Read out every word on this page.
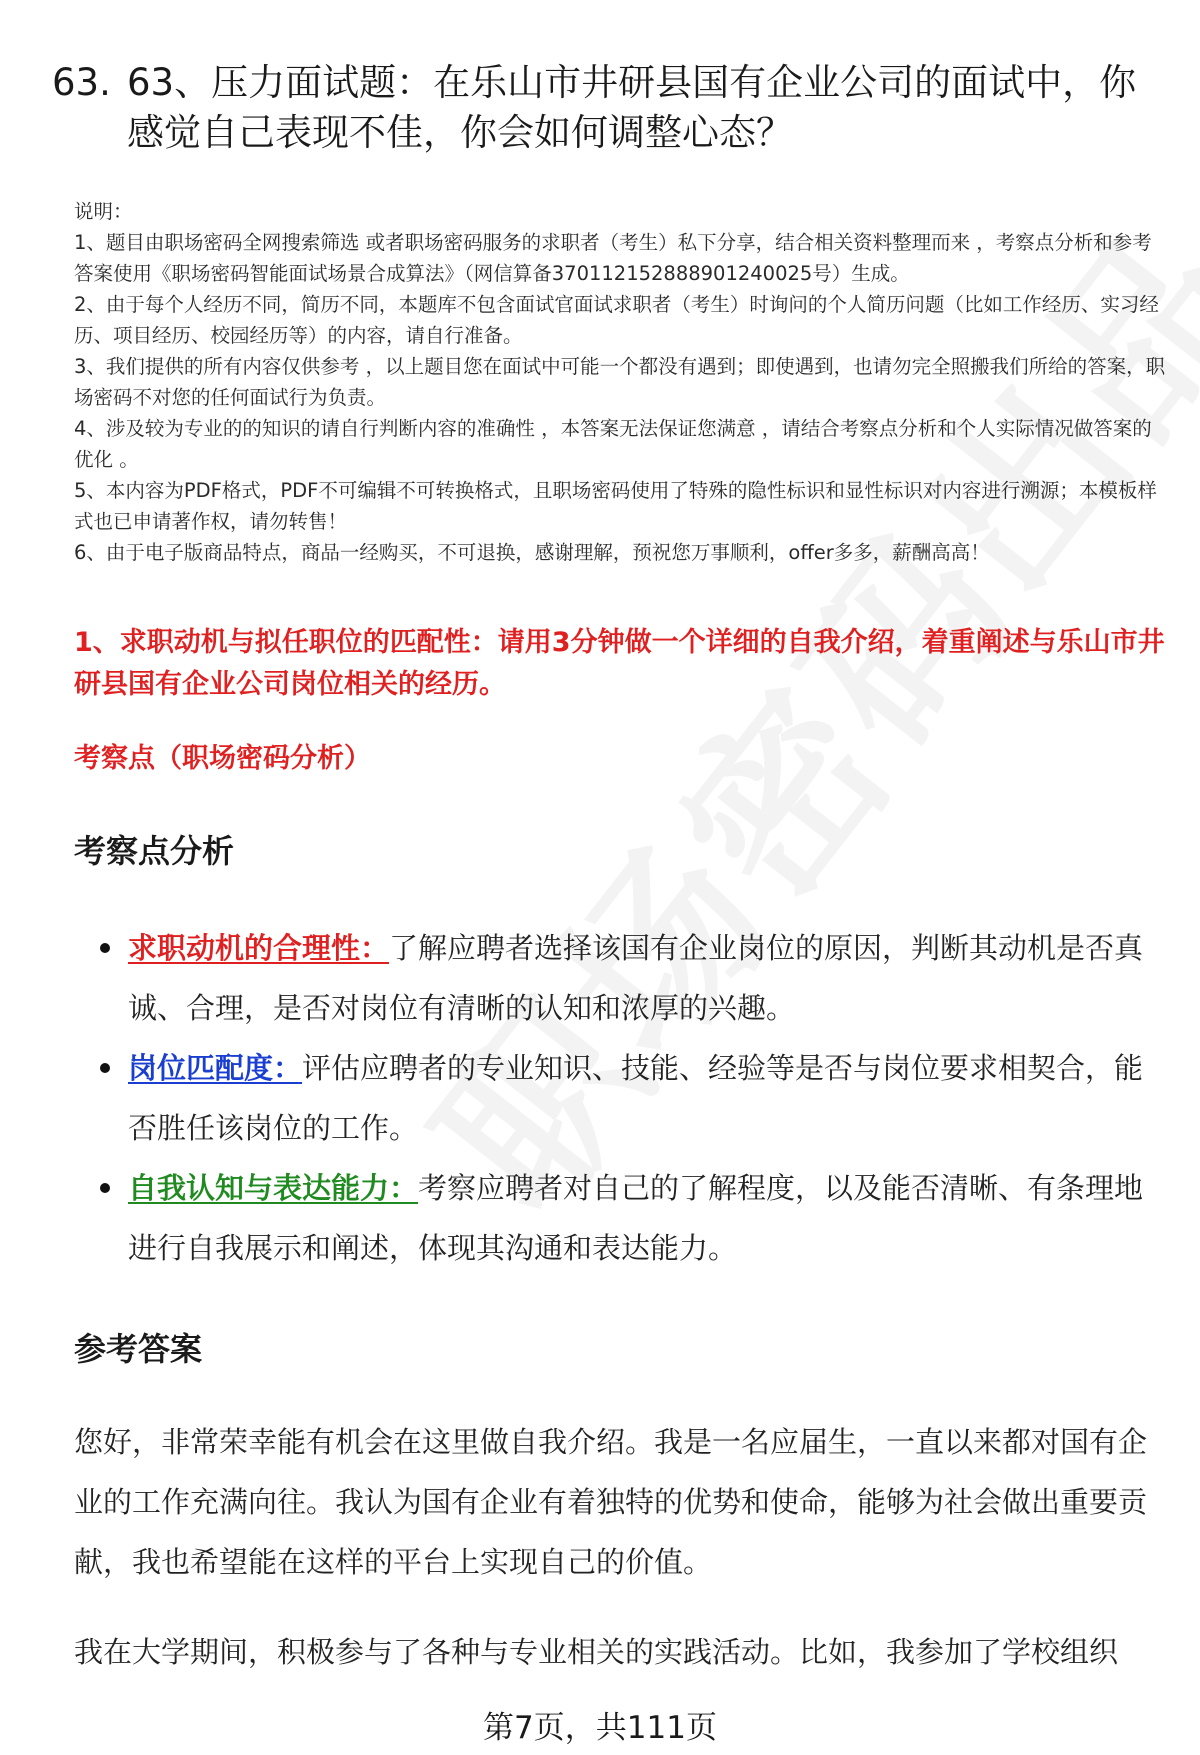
63. 63、压力面试题：在乐山市井研县国有企业公司的面试中，你感觉自己表现不佳，你会如何调整心态？

说明：

1、题目由职场密码全网搜索筛选 或者职场密码服务的求职者（考生）私下分享，结合相关资料整理而来 ，考察点分析和参考答案使用《职场密码智能面试场景合成算法》（网信算备370112152888901240025号）生成。

2、由于每个人经历不同，简历不同，本题库不包含面试官面试求职者（考生）时询问的个人简历问题（比如工作经历、实习经历、项目经历、校园经历等）的内容，请自行准备。

3、我们提供的所有内容仅供参考 ，以上题目您在面试中可能一个都没有遇到；即使遇到，也请勿完全照搬我们所给的答案，职场密码不对您的任何面试行为负责。

4、涉及较为专业的的知识的请自行判断内容的准确性 ，本答案无法保证您满意 ，请结合考察点分析和个人实际情况做答案的优化 。

5、本内容为PDF格式，PDF不可编辑不可转换格式，且职场密码使用了特殊的隐性标识和显性标识对内容进行溯源；本模板样式也已申请著作权，请勿转售！

6、由于电子版商品特点，商品一经购买，不可退换，感谢理解，预祝您万事顺利，offer多多，薪酬高高！

1、求职动机与拟任职位的匹配性：请用3分钟做一个详细的自我介绍，着重阐述与乐山市井研县国有企业公司岗位相关的经历。
考察点（职场密码分析）
考察点分析
求职动机的合理性：了解应聘者选择该国有企业岗位的原因，判断其动机是否真诚、合理，是否对岗位有清晰的认知和浓厚的兴趣。
岗位匹配度：评估应聘者的专业知识、技能、经验等是否与岗位要求相契合，能否胜任该岗位的工作。
自我认知与表达能力：考察应聘者对自己的了解程度，以及能否清晰、有条理地进行自我展示和阐述，体现其沟通和表达能力。
参考答案

您好，非常荣幸能有机会在这里做自我介绍。我是一名应届生，一直以来都对国有企业的工作充满向往。我认为国有企业有着独特的优势和使命，能够为社会做出重要贡献，我也希望能在这样的平台上实现自己的价值。

我在大学期间，积极参与了各种与专业相关的实践活动。比如，我参加了学校组织

第7页，共111页
